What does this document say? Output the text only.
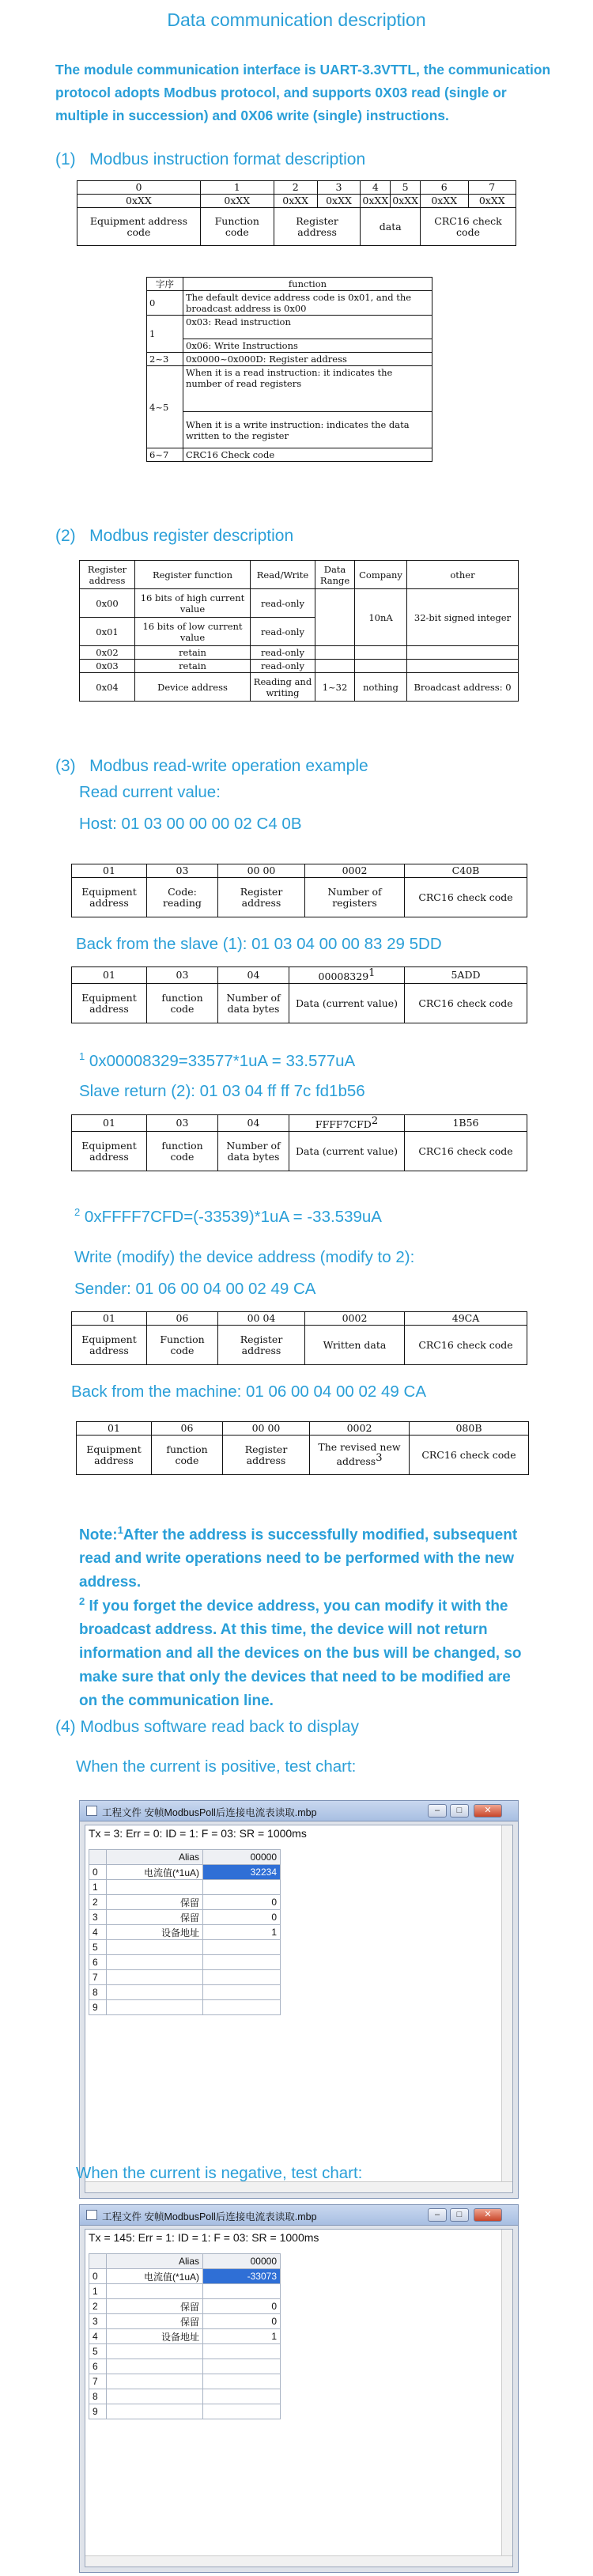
Data communication description
The module communication interface is UART-3.3VTTL, the communication protocol adopts Modbus protocol, and supports 0X03 read (single or multiple in succession) and 0X06 write (single) instructions.
(1)   Modbus instruction format description
0	1	2	3	4	5	6	7
0xXX	0xXX	0xXX	0xXX	0xXX	0xXX	0xXX	0xXX
Equipment address code	Function code	Register address		data		CRC16 check code	
字序	function
0	The default device address code is 0x01, and the broadcast address is 0x00
1	0x03: Read instruction
	0x06: Write Instructions
2~3	0x0000~0x000D: Register address
4~5	When it is a read instruction: it indicates the number of read registers
	When it is a write instruction: indicates the data written to the register
6~7	CRC16 Check code
(2)   Modbus register description
Register address	Register function	Read/Write	Data Range	Company	other
0x00	16 bits of high current value	read-only		10nA	32-bit signed integer
0x01	16 bits of low current value	read-only			
0x02	retain	read-only			
0x03	retain	read-only			
0x04	Device address	Reading and writing	1~32	nothing	Broadcast address: 0
(3)   Modbus read-write operation example
Read current value:
Host: 01 03 00 00 00 02 C4 0B
01	03	00 00	0002	C40B
Equipment address	Code: reading	Register address	Number of registers	CRC16 check code
Back from the slave (1): 01 03 04 00 00 83 29 5DD
01	03	04	000083291	5ADD
Equipment address	function code	Number of data bytes	Data (current value)	CRC16 check code
$^1$ 0x00008329=33577*1uA = 33.577uA
Slave return (2): 01 03 04 ff ff 7c fd1b56
01	03	04	FFFF7CFD2	1B56
Equipment address	function code	Number of data bytes	Data (current value)	CRC16 check code
$^2$ 0xFFFF7CFD=(-33539)*1uA = -33.539uA
Write (modify) the device address (modify to 2):
Sender: 01 06 00 04 00 02 49 CA
01	06	00 04	0002	49CA
Equipment address	Function code	Register address	Written data	CRC16 check code
Back from the machine: 01 06 00 04 00 02 49 CA
01	06	00 00	0002	080B
Equipment address	function code	Register address	The revised new address3	CRC16 check code
Note:$^1$After the address is successfully modified, subsequent read and write operations need to be performed with the new address.
$^2$ If you forget the device address, you can modify it with the broadcast address. At this time, the device will not return information and all the devices on the bus will be changed, so make sure that only the devices that need to be modified are on the communication line.
(4) Modbus software read back to display
When the current is positive, test chart:
工程文件 安帧ModbusPoll后连接电流表读取.mbp	–	□	✕
Tx = 3: Err = 0: ID = 1: F = 03: SR = 1000ms
	Alias	00000
0	电流值(*1uA)	32234
1		
2	保留	0
3	保留	0
4	设备地址	1
5		
6		
7		
8		
9		
When the current is negative, test chart:
工程文件 安帧ModbusPoll后连接电流表读取.mbp	–	□	✕
Tx = 145: Err = 1: ID = 1: F = 03: SR = 1000ms
	Alias	00000
0	电流值(*1uA)	-33073
1		
2	保留	0
3	保留	0
4	设备地址	1
5		
6		
7		
8		
9		
